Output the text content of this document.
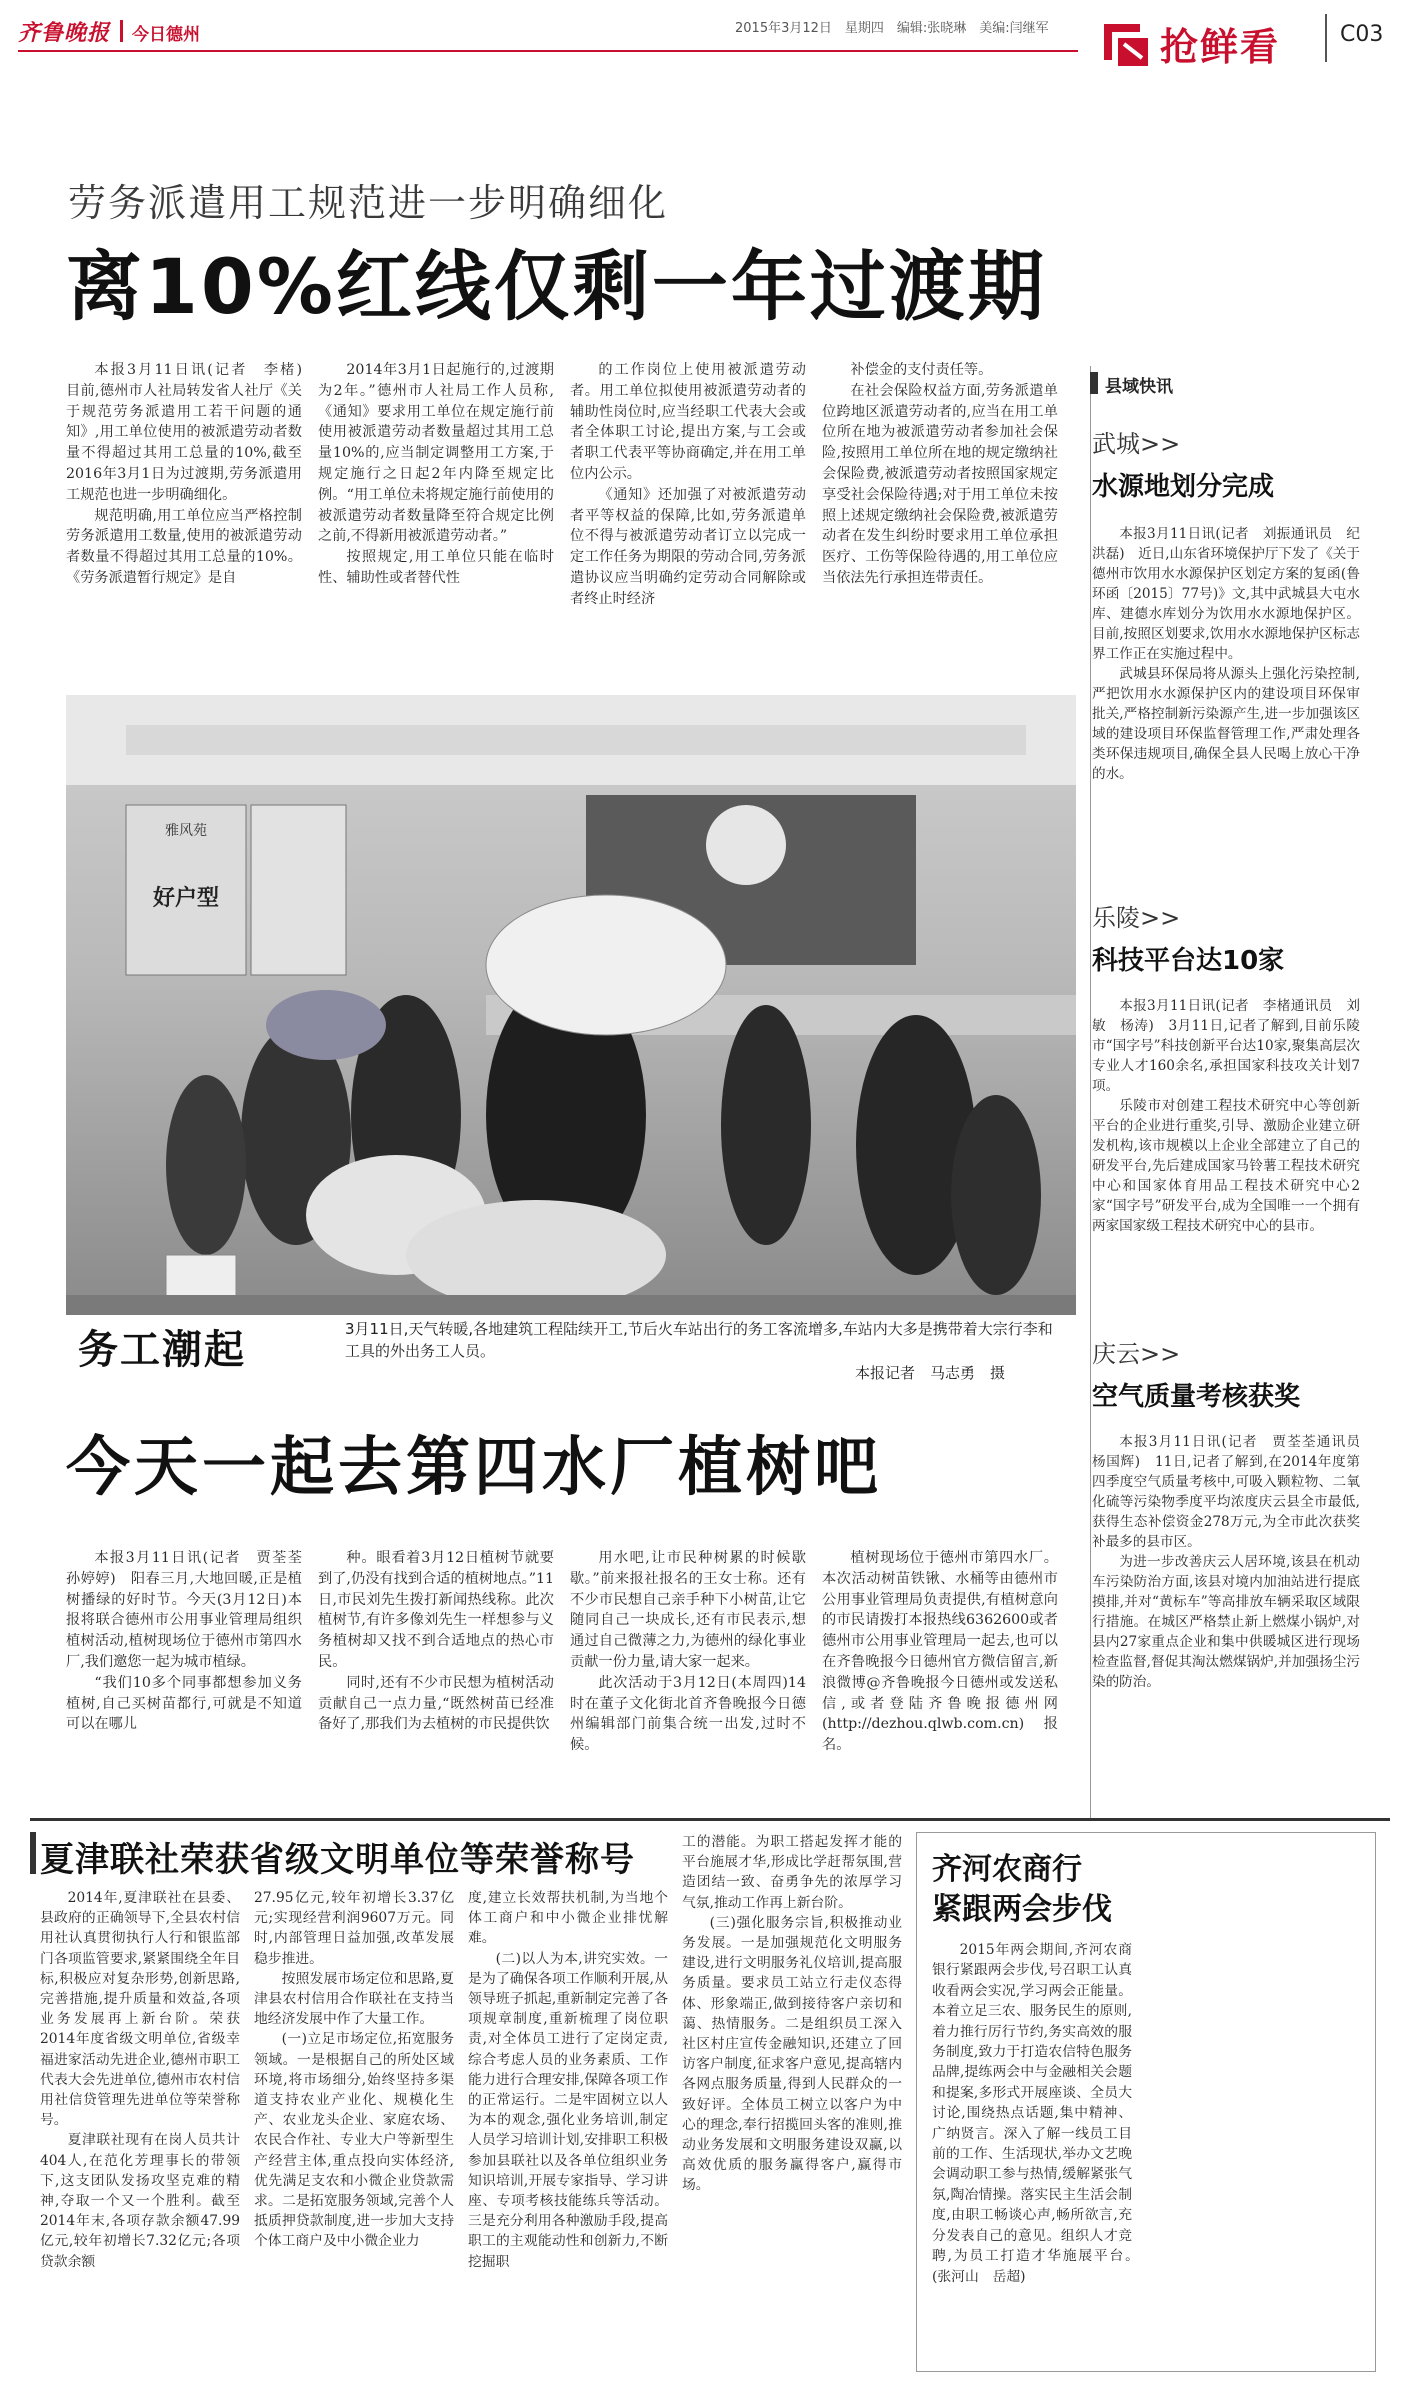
齐鲁晚报 今日德州	2015年3月12日　星期四　编辑:张晓琳　美编:闫继军	抢鲜看	C03
劳务派遣用工规范进一步明确细化
离10%红线仅剩一年过渡期

本报3月11日讯(记者　李楮)　目前,德州市人社局转发省人社厅《关于规范劳务派遣用工若干问题的通知》,用工单位使用的被派遣劳动者数量不得超过其用工总量的10%,截至2016年3月1日为过渡期,劳务派遣用工规范也进一步明确细化。

规范明确,用工单位应当严格控制劳务派遣用工数量,使用的被派遣劳动者数量不得超过其用工总量的10%。《劳务派遣暂行规定》是自

2014年3月1日起施行的,过渡期为2年。”德州市人社局工作人员称,《通知》要求用工单位在规定施行前使用被派遣劳动者数量超过其用工总量10%的,应当制定调整用工方案,于规定施行之日起2年内降至规定比例。“用工单位未将规定施行前使用的被派遣劳动者数量降至符合规定比例之前,不得新用被派遣劳动者。”

按照规定,用工单位只能在临时性、辅助性或者替代性

的工作岗位上使用被派遣劳动者。用工单位拟使用被派遣劳动者的辅助性岗位时,应当经职工代表大会或者全体职工讨论,提出方案,与工会或者职工代表平等协商确定,并在用工单位内公示。

《通知》还加强了对被派遣劳动者平等权益的保障,比如,劳务派遣单位不得与被派遣劳动者订立以完成一定工作任务为期限的劳动合同,劳务派遣协议应当明确约定劳动合同解除或者终止时经济

补偿金的支付责任等。

在社会保险权益方面,劳务派遣单位跨地区派遣劳动者的,应当在用工单位所在地为被派遣劳动者参加社会保险,按照用工单位所在地的规定缴纳社会保险费,被派遣劳动者按照国家规定享受社会保险待遇;对于用工单位未按照上述规定缴纳社会保险费,被派遣劳动者在发生纠纷时要求用工单位承担医疗、工伤等保险待遇的,用工单位应当依法先行承担连带责任。

雅风苑
好户型
务工潮起	3月11日,天气转暖,各地建筑工程陆续开工,节后火车站出行的务工客流增多,车站内大多是携带着大宗行李和工具的外出务工人员。
本报记者　马志勇　摄
今天一起去第四水厂植树吧

本报3月11日讯(记者　贾荃荃　孙婷婷)　阳春三月,大地回暖,正是植树播绿的好时节。今天(3月12日)本报将联合德州市公用事业管理局组织植树活动,植树现场位于德州市第四水厂,我们邀您一起为城市植绿。

“我们10多个同事都想参加义务植树,自己买树苗都行,可就是不知道可以在哪儿

种。眼看着3月12日植树节就要到了,仍没有找到合适的植树地点。”11日,市民刘先生拨打新闻热线称。此次植树节,有许多像刘先生一样想参与义务植树却又找不到合适地点的热心市民。

同时,还有不少市民想为植树活动贡献自己一点力量,“既然树苗已经准备好了,那我们为去植树的市民提供饮

用水吧,让市民种树累的时候歇歇。”前来报社报名的王女士称。还有不少市民想自己亲手种下小树苗,让它随同自己一块成长,还有市民表示,想通过自己微薄之力,为德州的绿化事业贡献一份力量,请大家一起来。

此次活动于3月12日(本周四)14时在董子文化街北首齐鲁晚报今日德州编辑部门前集合统一出发,过时不候。

植树现场位于德州市第四水厂。本次活动树苗铁锹、水桶等由德州市公用事业管理局负责提供,有植树意向的市民请拨打本报热线6362600或者德州市公用事业管理局一起去,也可以在齐鲁晚报今日德州官方微信留言,新浪微博@齐鲁晚报今日德州或发送私信,或者登陆齐鲁晚报德州网(http://dezhou.qlwb.com.cn)报名。

县域快讯
武城>>
水源地划分完成

本报3月11日讯(记者　刘振通讯员　纪洪磊)　近日,山东省环境保护厅下发了《关于德州市饮用水水源保护区划定方案的复函(鲁环函〔2015〕77号)》文,其中武城县大屯水库、建德水库划分为饮用水水源地保护区。目前,按照区划要求,饮用水水源地保护区标志界工作正在实施过程中。

武城县环保局将从源头上强化污染控制,严把饮用水水源保护区内的建设项目环保审批关,严格控制新污染源产生,进一步加强该区域的建设项目环保监督管理工作,严肃处理各类环保违规项目,确保全县人民喝上放心干净的水。

乐陵>>
科技平台达10家

本报3月11日讯(记者　李楮通讯员　刘敏　杨涛)　3月11日,记者了解到,目前乐陵市“国字号”科技创新平台达10家,聚集高层次专业人才160余名,承担国家科技攻关计划7项。

乐陵市对创建工程技术研究中心等创新平台的企业进行重奖,引导、激励企业建立研发机构,该市规模以上企业全部建立了自己的研发平台,先后建成国家马铃薯工程技术研究中心和国家体育用品工程技术研究中心2家“国字号”研发平台,成为全国唯一一个拥有两家国家级工程技术研究中心的县市。

庆云>>
空气质量考核获奖

本报3月11日讯(记者　贾荃荃通讯员　杨国辉)　11日,记者了解到,在2014年度第四季度空气质量考核中,可吸入颗粒物、二氧化硫等污染物季度平均浓度庆云县全市最低,获得生态补偿资金278万元,为全市此次获奖补最多的县市区。

为进一步改善庆云人居环境,该县在机动车污染防治方面,该县对境内加油站进行提底摸排,并对“黄标车”等高排放车辆采取区域限行措施。在城区严格禁止新上燃煤小锅炉,对县内27家重点企业和集中供暖城区进行现场检查监督,督促其淘汰燃煤锅炉,并加强扬尘污染的防治。

夏津联社荣获省级文明单位等荣誉称号

2014年,夏津联社在县委、县政府的正确领导下,全县农村信用社认真贯彻执行人行和银监部门各项监管要求,紧紧围绕全年目标,积极应对复杂形势,创新思路,完善措施,提升质量和效益,各项业务发展再上新台阶。荣获2014年度省级文明单位,省级幸福进家活动先进企业,德州市职工代表大会先进单位,德州市农村信用社信贷管理先进单位等荣誉称号。

夏津联社现有在岗人员共计404人,在范化芳理事长的带领下,这支团队发扬攻坚克难的精神,夺取一个又一个胜利。截至2014年末,各项存款余额47.99亿元,较年初增长7.32亿元;各项贷款余额

27.95亿元,较年初增长3.37亿元;实现经营利润9607万元。同时,内部管理日益加强,改革发展稳步推进。

按照发展市场定位和思路,夏津县农村信用合作联社在支持当地经济发展中作了大量工作。

(一)立足市场定位,拓宽服务领域。一是根据自己的所处区域环境,将市场细分,始终坚持多渠道支持农业产业化、规模化生产、农业龙头企业、家庭农场、农民合作社、专业大户等新型生产经营主体,重点投向实体经济,优先满足支农和小微企业贷款需求。二是拓宽服务领域,完善个人抵质押贷款制度,进一步加大支持个体工商户及中小微企业力

度,建立长效帮扶机制,为当地个体工商户和中小微企业排忧解难。

(二)以人为本,讲究实效。一是为了确保各项工作顺利开展,从领导班子抓起,重新制定完善了各项规章制度,重新梳理了岗位职责,对全体员工进行了定岗定责,综合考虑人员的业务素质、工作能力进行合理安排,保障各项工作的正常运行。二是牢固树立以人为本的观念,强化业务培训,制定人员学习培训计划,安排职工积极参加县联社以及各单位组织业务知识培训,开展专家指导、学习讲座、专项考核技能练兵等活动。三是充分利用各种激励手段,提高职工的主观能动性和创新力,不断挖掘职

工的潜能。为职工搭起发挥才能的平台施展才华,形成比学赶帮氛围,营造团结一致、奋勇争先的浓厚学习气氛,推动工作再上新台阶。

(三)强化服务宗旨,积极推动业务发展。一是加强规范化文明服务建设,进行文明服务礼仪培训,提高服务质量。要求员工站立行走仪态得体、形象端正,做到接待客户亲切和蔼、热情服务。二是组织员工深入社区村庄宣传金融知识,还建立了回访客户制度,征求客户意见,提高辖内各网点服务质量,得到人民群众的一致好评。全体员工树立以客户为中心的理念,奉行招揽回头客的准则,推动业务发展和文明服务建设双赢,以高效优质的服务赢得客户,赢得市场。

齐河农商行
紧跟两会步伐

2015年两会期间,齐河农商银行紧跟两会步伐,号召职工认真收看两会实况,学习两会正能量。本着立足三农、服务民生的原则,着力推行厉行节约,务实高效的服务制度,致力于打造农信特色服务品牌,提练两会中与金融相关会题和提案,多形式开展座谈、全员大讨论,围绕热点话题,集中精神、广纳贤言。深入了解一线员工目前的工作、生活现状,举办文艺晚会调动职工参与热情,缓解紧张气氛,陶冶情操。落实民主生活会制度,由职工畅谈心声,畅所欲言,充分发表自己的意见。组织人才竞聘,为员工打造才华施展平台。　(张河山　岳超)
